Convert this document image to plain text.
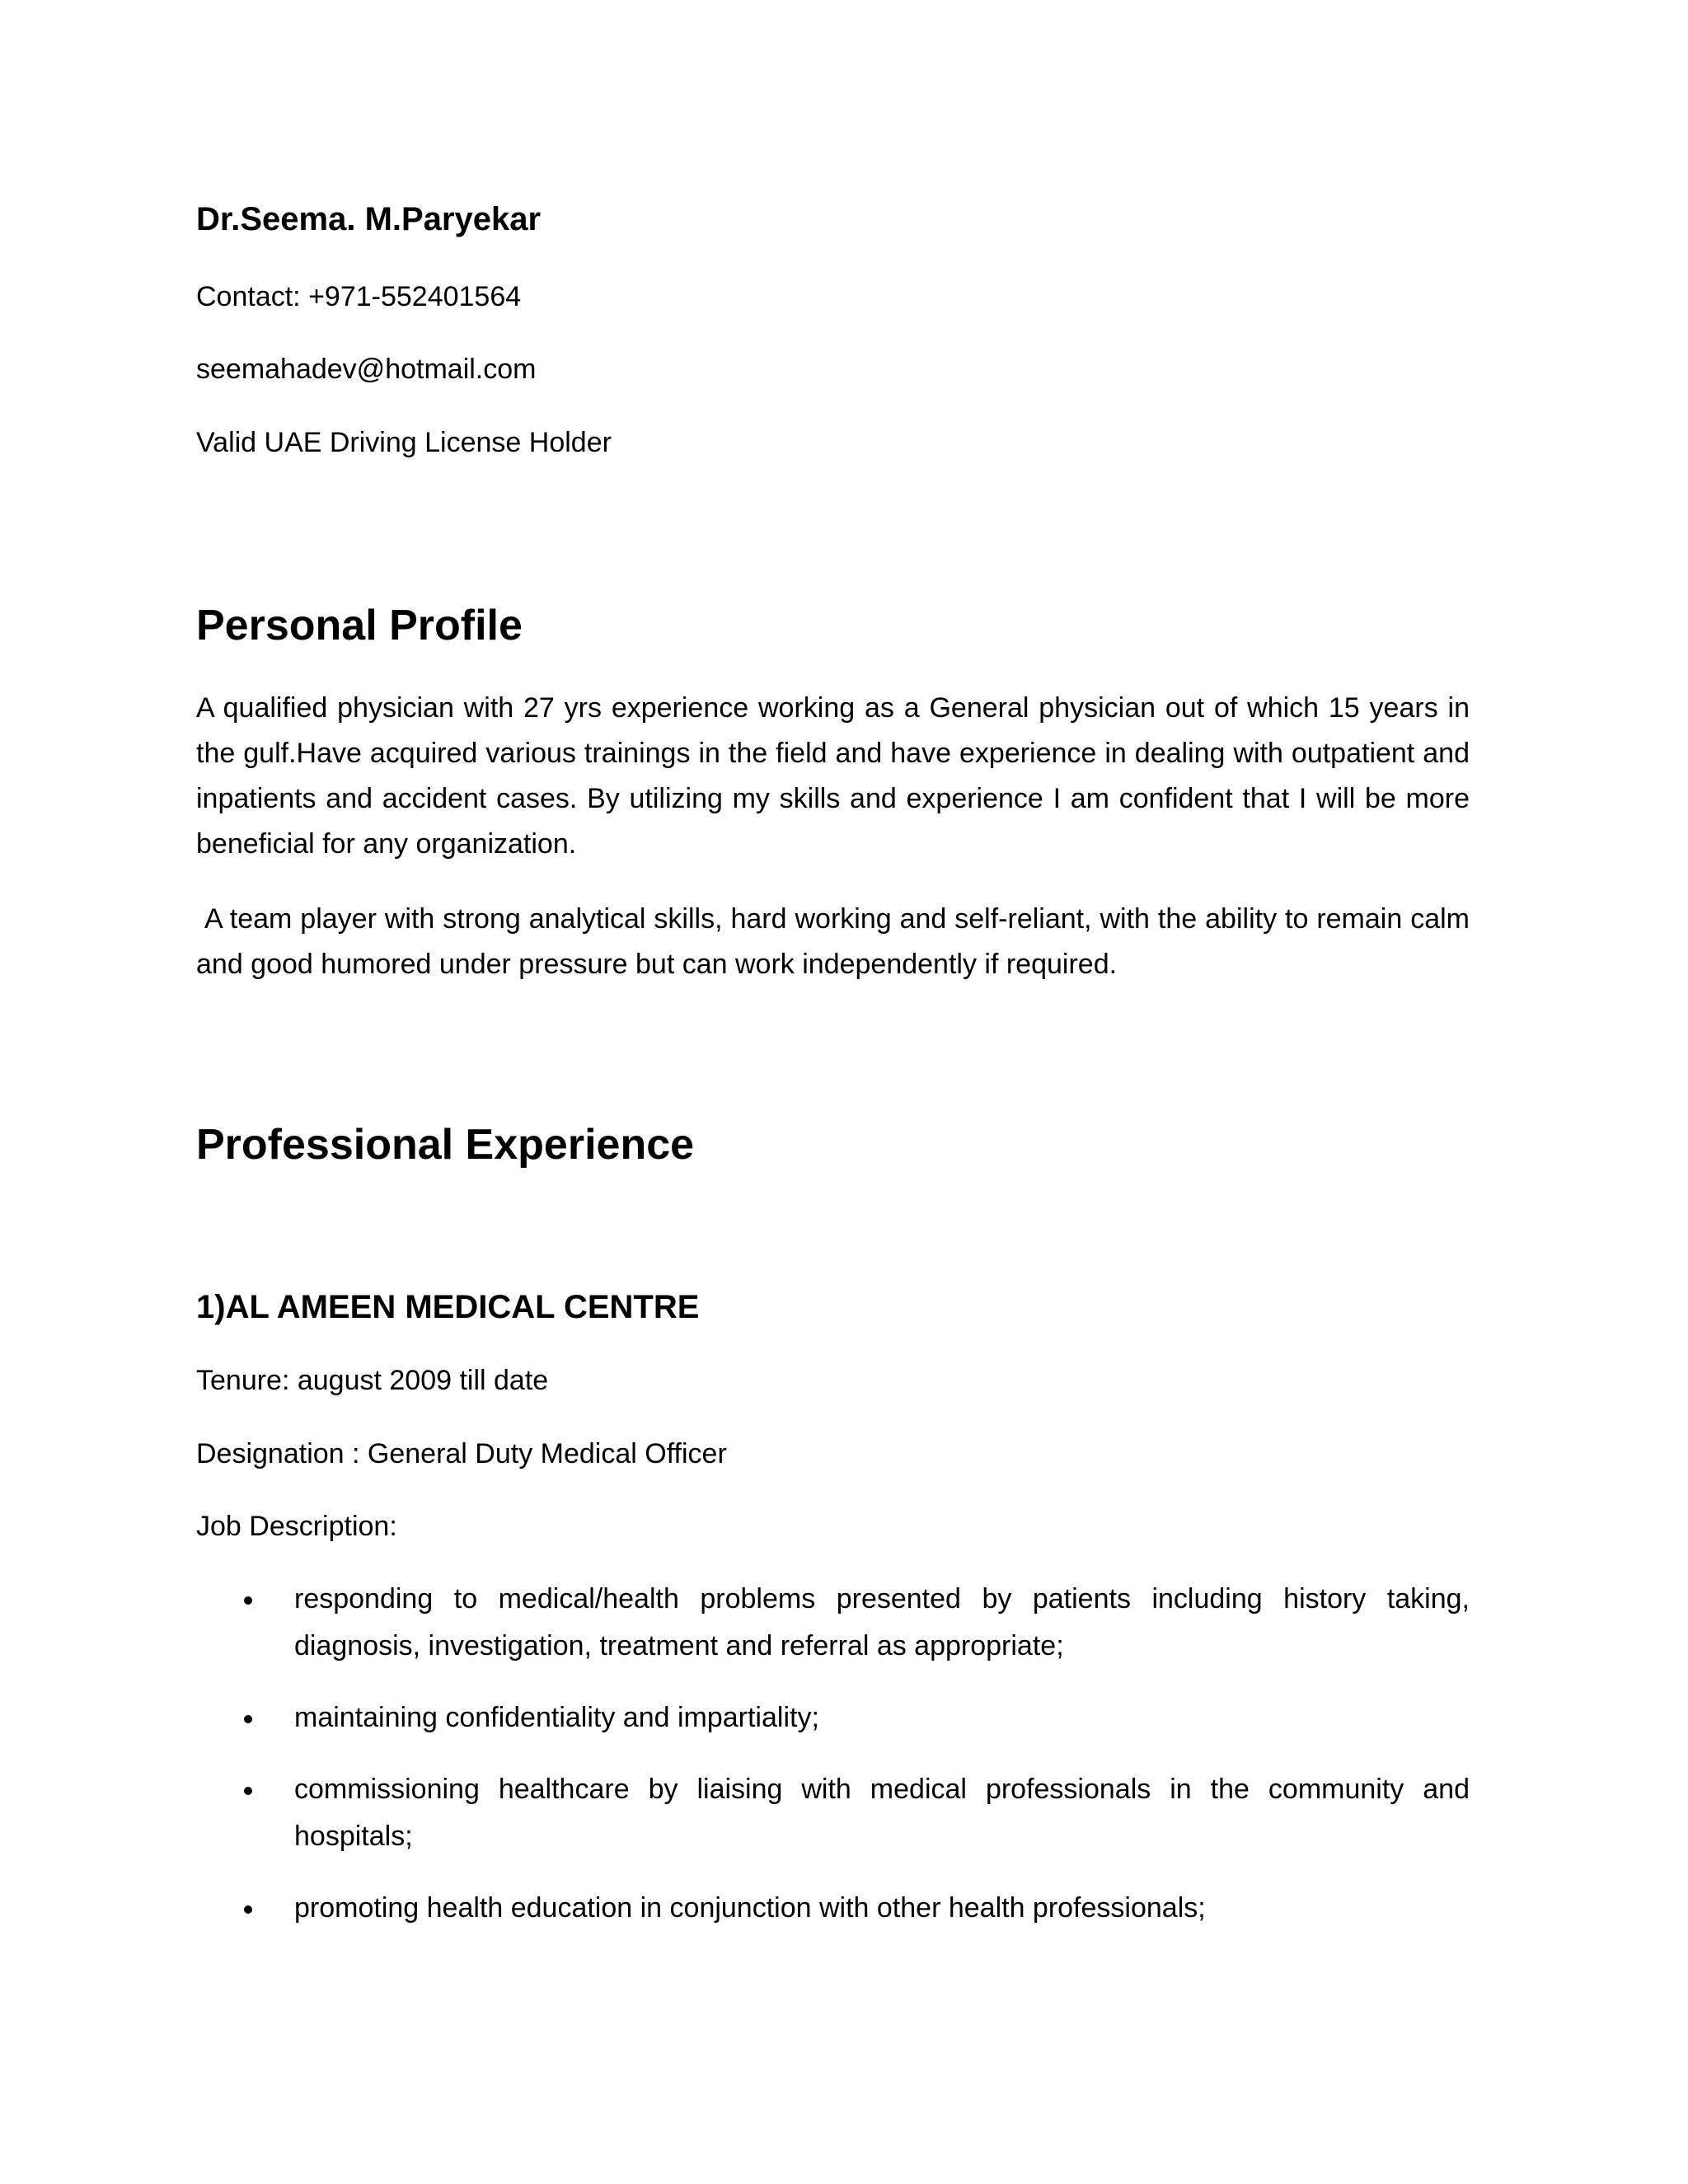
Dr.Seema. M.Paryekar
Contact: +971-552401564
seemahadev@hotmail.com
Valid UAE Driving License Holder
Personal Profile

A qualified physician with 27 yrs experience working as a General physician out of which 15 years in the gulf.Have acquired various trainings in the field and have experience in dealing with outpatient and inpatients and accident cases. By utilizing my skills and experience I am confident that I will be more beneficial for any organization.

A team player with strong analytical skills, hard working and self-reliant, with the ability to remain calm and good humored under pressure but can work independently if required.

Professional Experience
1)AL AMEEN MEDICAL CENTRE
Tenure: august 2009 till date
Designation : General Duty Medical Officer
Job Description:
responding to medical/health problems presented by patients including history taking, diagnosis, investigation, treatment and referral as appropriate;
maintaining confidentiality and impartiality;
commissioning healthcare by liaising with medical professionals in the community and hospitals;
promoting health education in conjunction with other health professionals;
